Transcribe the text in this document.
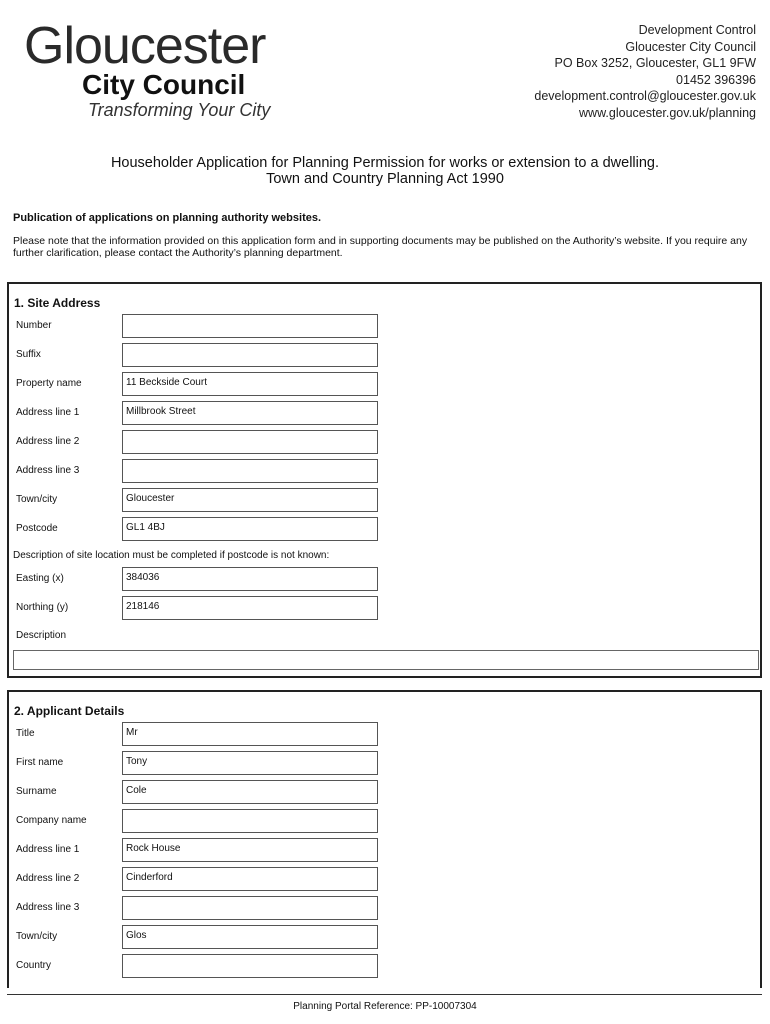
Gloucester
City Council
Transforming Your City
Development Control
Gloucester City Council
PO Box 3252, Gloucester, GL1 9FW
01452 396396
development.control@gloucester.gov.uk
www.gloucester.gov.uk/planning
Householder Application for Planning Permission for works or extension to a dwelling.
Town and Country Planning Act 1990
Publication of applications on planning authority websites.
Please note that the information provided on this application form and in supporting documents may be published on the Authority’s website. If you require any further clarification, please contact the Authority’s planning department.
1. Site Address
Number
Suffix
Property name	11 Beckside Court
Address line 1	Millbrook Street
Address line 2
Address line 3
Town/city	Gloucester
Postcode	GL1 4BJ
Description of site location must be completed if postcode is not known:
Easting (x)	384036
Northing (y)	218146
Description
2. Applicant Details
Title	Mr
First name	Tony
Surname	Cole
Company name
Address line 1	Rock House
Address line 2	Cinderford
Address line 3
Town/city	Glos
Country
Planning Portal Reference: PP-10007304
